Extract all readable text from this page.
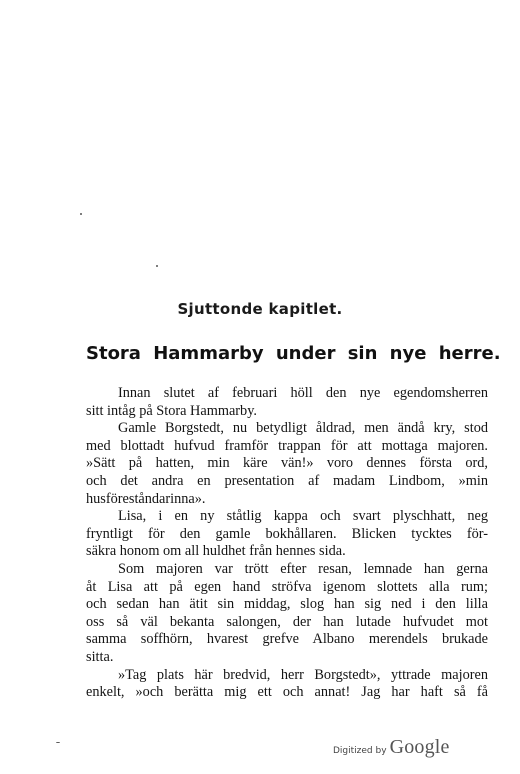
Sjuttonde kapitlet.
Stora Hammarby under sin nye herre.
Innan slutet af februari höll den nye egendomsherren
sitt intåg på Stora Hammarby.
Gamle Borgstedt, nu betydligt åldrad, men ändå kry, stod
med blottadt hufvud framför trappan för att mottaga majoren.
»Sätt på hatten, min käre vän!» voro dennes första ord,
och det andra en presentation af madam Lindbom, »min
husföreståndarinna».
Lisa, i en ny ståtlig kappa och svart plyschhatt, neg
fryntligt för den gamle bokhållaren. Blicken tycktes för-
säkra honom om all huldhet från hennes sida.
Som majoren var trött efter resan, lemnade han gerna
åt Lisa att på egen hand ströfva igenom slottets alla rum;
och sedan han ätit sin middag, slog han sig ned i den lilla
oss så väl bekanta salongen, der han lutade hufvudet mot
samma soffhörn, hvarest grefve Albano merendels brukade
sitta.
»Tag plats här bredvid, herr Borgstedt», yttrade majoren
enkelt, »och berätta mig ett och annat! Jag har haft så få
Digitized by Google
